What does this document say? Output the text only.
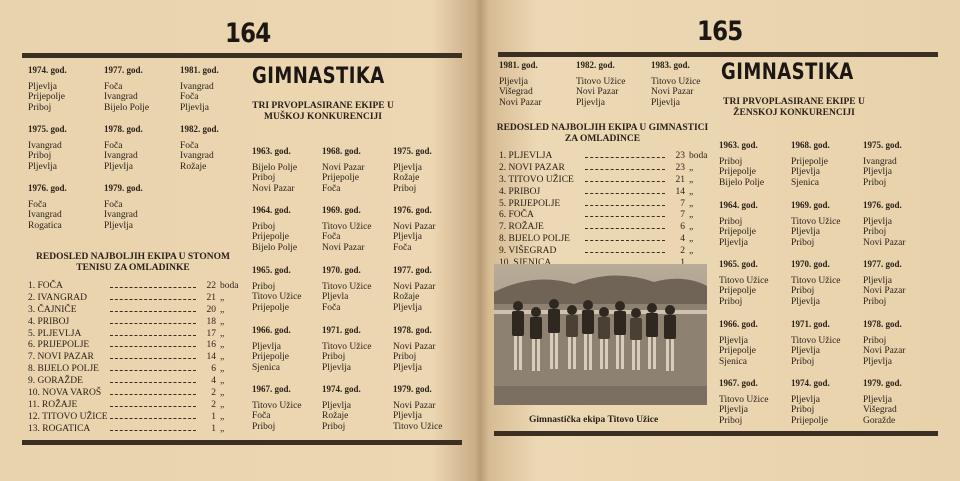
164
1974. god.
Pljevlja
Prijepolje
Priboj
1977. god.
Foča
Ivangrad
Bijelo Polje
1981. god.
Ivangrad
Foča
Pljevlja
1975. god.
Ivangrad
Priboj
Pljevlja
1978. god.
Foča
Ivangrad
Pljevlja
1982. god.
Foča
Ivangrad
Rožaje
1976. god.
Foča
Ivangrad
Rogatica
1979. god.
Foča
Ivangrad
Pljevlja
REDOSLED NAJBOLJIH EKIPA U STONOM TENISU ZA OMLADINKE
1. FOČA	22 boda
2. IVANGRAD	21 „
3. ČAJNIČE	20 „
4. PRIBOJ	18 „
5. PLJEVLJA	17 „
6. PRIJEPOLJE	16 „
7. NOVI PAZAR	14 „
8. BIJELO POLJE	6 „
9. GORAŽDE	4 „
10. NOVA VAROŠ	2 „
11. ROŽAJE	2 „
12. TITOVO UŽICE	1 „
13. ROGATICA	1 „
GIMNASTIKA
TRI PRVOPLASIRANE EKIPE U MUŠKOJ KONKURENCIJI
1963. god.
Bijelo Polje
Priboj
Novi Pazar
1968. god.
Novi Pazar
Prijepolje
Foča
1975. god.
Pljevlja
Rožaje
Priboj
1964. god.
Priboj
Prijepolje
Bijelo Polje
1969. god.
Titovo Užice
Foča
Novi Pazar
1976. god.
Novi Pazar
Pljevlja
Foča
1965. god.
Priboj
Titovo Užice
Prijepolje
1970. god.
Titovo Užice
Pljevla
Foča
1977. god.
Novi Pazar
Rožaje
Pljevlja
1966. god.
Pljevlja
Prijepolje
Sjenica
1971. god.
Titovo Užice
Priboj
Pljevlja
1978. god.
Novi Pazar
Priboj
Pljevlja
1967. god.
Titovo Užice
Foča
Priboj
1974. god.
Pljevlja
Rožaje
Priboj
1979. god.
Novi Pazar
Pljevlja
Titovo Užice
165
1981. god.
Pljevlja
Višegrad
Novi Pazar
1982. god.
Titovo Užice
Novi Pazar
Pljevlja
1983. god.
Titovo Užice
Novi Pazar
Pljevlja
REDOSLED NAJBOLJIH EKIPA U GIMNASTICI ZA OMLADINCE
1. PLJEVLJA	23 boda
2. NOVI PAZAR	23 „
3. TITOVO UŽICE	21 „
4. PRIBOJ	14 „
5. PRIJEPOLJE	7 „
6. FOČA	7 „
7. ROŽAJE	6 „
8. BIJELO POLJE	4 „
9. VIŠEGRAD	2 „
Gimnastička ekipa Titovo Užice
GIMNASTIKA
TRI PRVOPLASIRANE EKIPE U ŽENSKOJ KONKURENCIJI
1963. god.
Priboj
Prijepolje
Bijelo Polje
1968. god.
Prijepolje
Pljevlja
Sjenica
1975. god.
Ivangrad
Pljevlja
Priboj
1964. god.
Priboj
Prijepolje
Pljevlja
1969. god.
Titovo Užice
Pljevlja
Priboj
1976. god.
Pljevlja
Priboj
Novi Pazar
1965. god.
Titovo Užice
Prijepolje
Priboj
1970. god.
Titovo Užice
Priboj
Pljevlja
1977. god.
Pljevlja
Novi Pazar
Priboj
1966. god.
Pljevlja
Prijepolje
Sjenica
1971. god.
Titovo Užice
Pljevlja
Priboj
1978. god.
Priboj
Novi Pazar
Pljevlja
1967. god.
Titovo Užice
Pljevlja
Priboj
1974. god.
Pljevlja
Priboj
Prijepolje
1979. god.
Pljevlja
Višegrad
Goražde
